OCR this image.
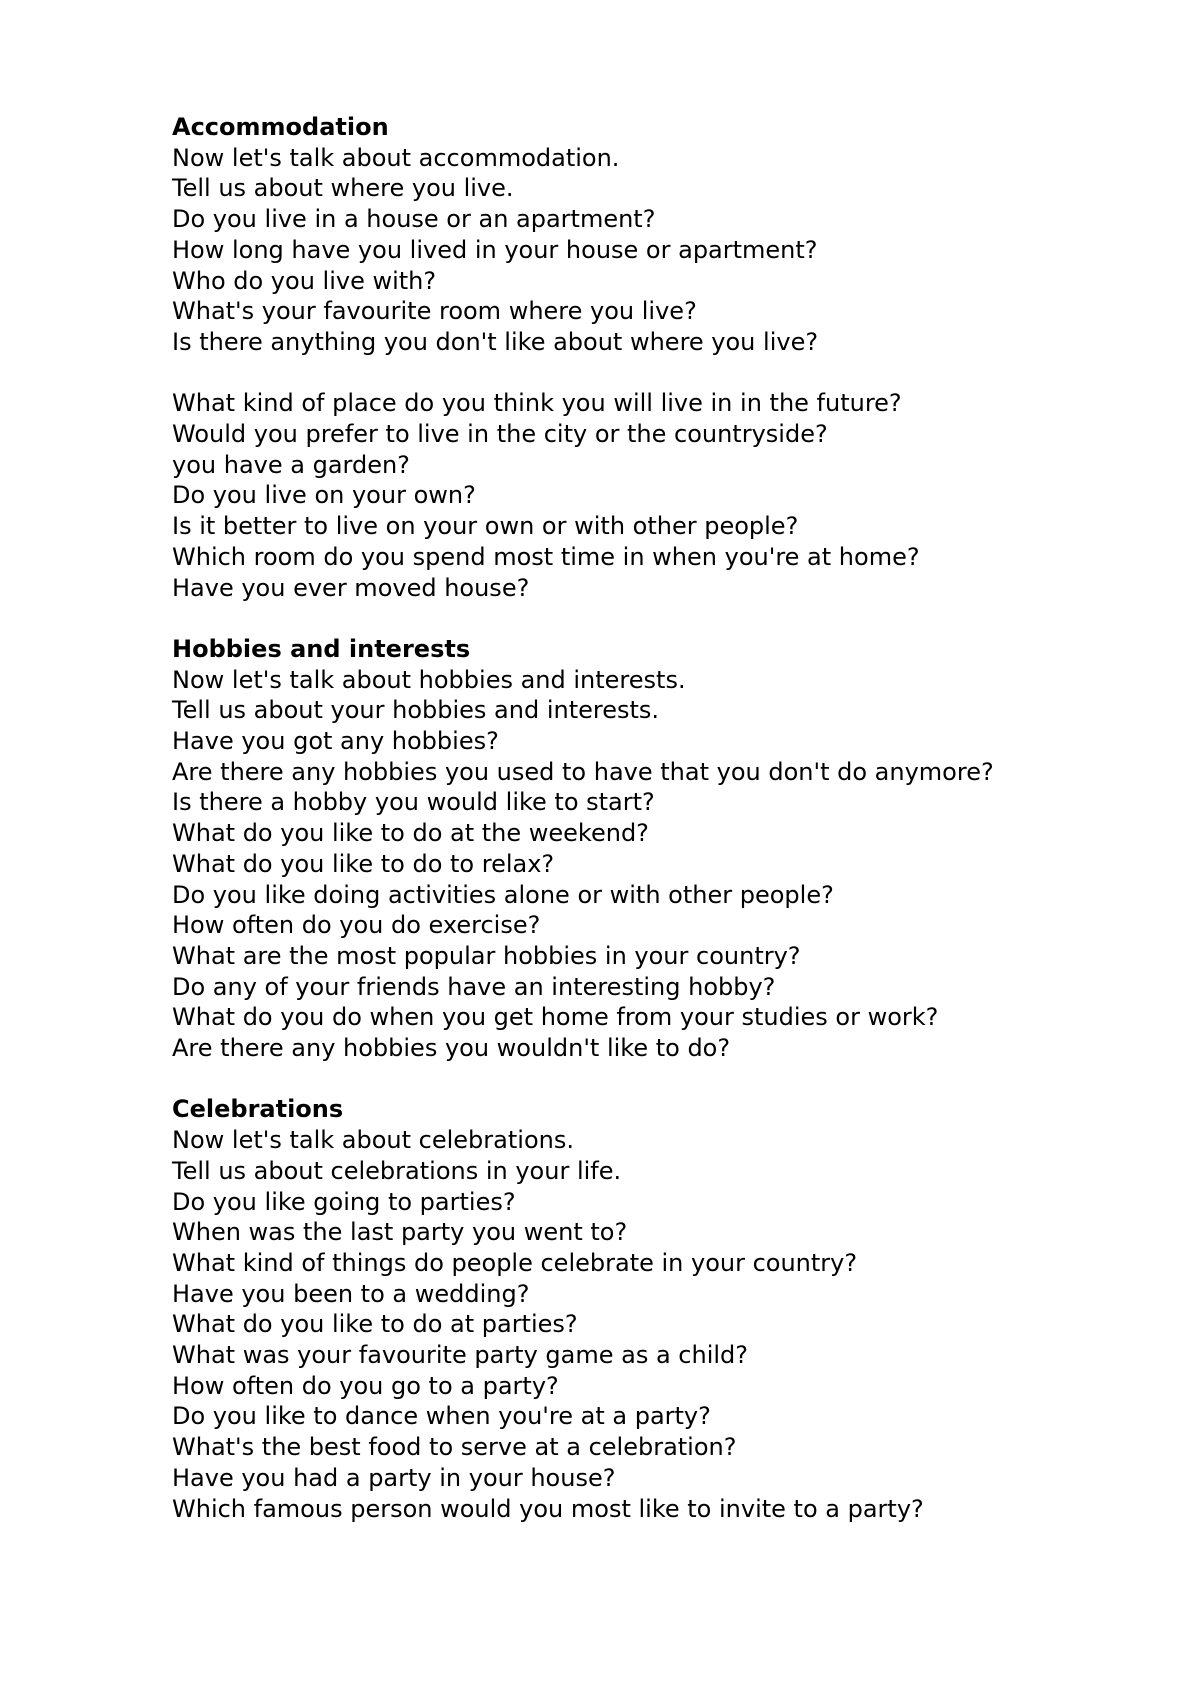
Accommodation

Now let's talk about accommodation.

Tell us about where you live.

Do you live in a house or an apartment?

How long have you lived in your house or apartment?

Who do you live with?

What's your favourite room where you live?

Is there anything you don't like about where you live?

What kind of place do you think you will live in in the future?

Would you prefer to live in the city or the countryside?

you have a garden?

Do you live on your own?

Is it better to live on your own or with other people?

Which room do you spend most time in when you're at home?

Have you ever moved house?

Hobbies and interests

Now let's talk about hobbies and interests.

Tell us about your hobbies and interests.

Have you got any hobbies?

Are there any hobbies you used to have that you don't do anymore?

Is there a hobby you would like to start?

What do you like to do at the weekend?

What do you like to do to relax?

Do you like doing activities alone or with other people?

How often do you do exercise?

What are the most popular hobbies in your country?

Do any of your friends have an interesting hobby?

What do you do when you get home from your studies or work?

Are there any hobbies you wouldn't like to do?

Celebrations

Now let's talk about celebrations.

Tell us about celebrations in your life.

Do you like going to parties?

When was the last party you went to?

What kind of things do people celebrate in your country?

Have you been to a wedding?

What do you like to do at parties?

What was your favourite party game as a child?

How often do you go to a party?

Do you like to dance when you're at a party?

What's the best food to serve at a celebration?

Have you had a party in your house?

Which famous person would you most like to invite to a party?
